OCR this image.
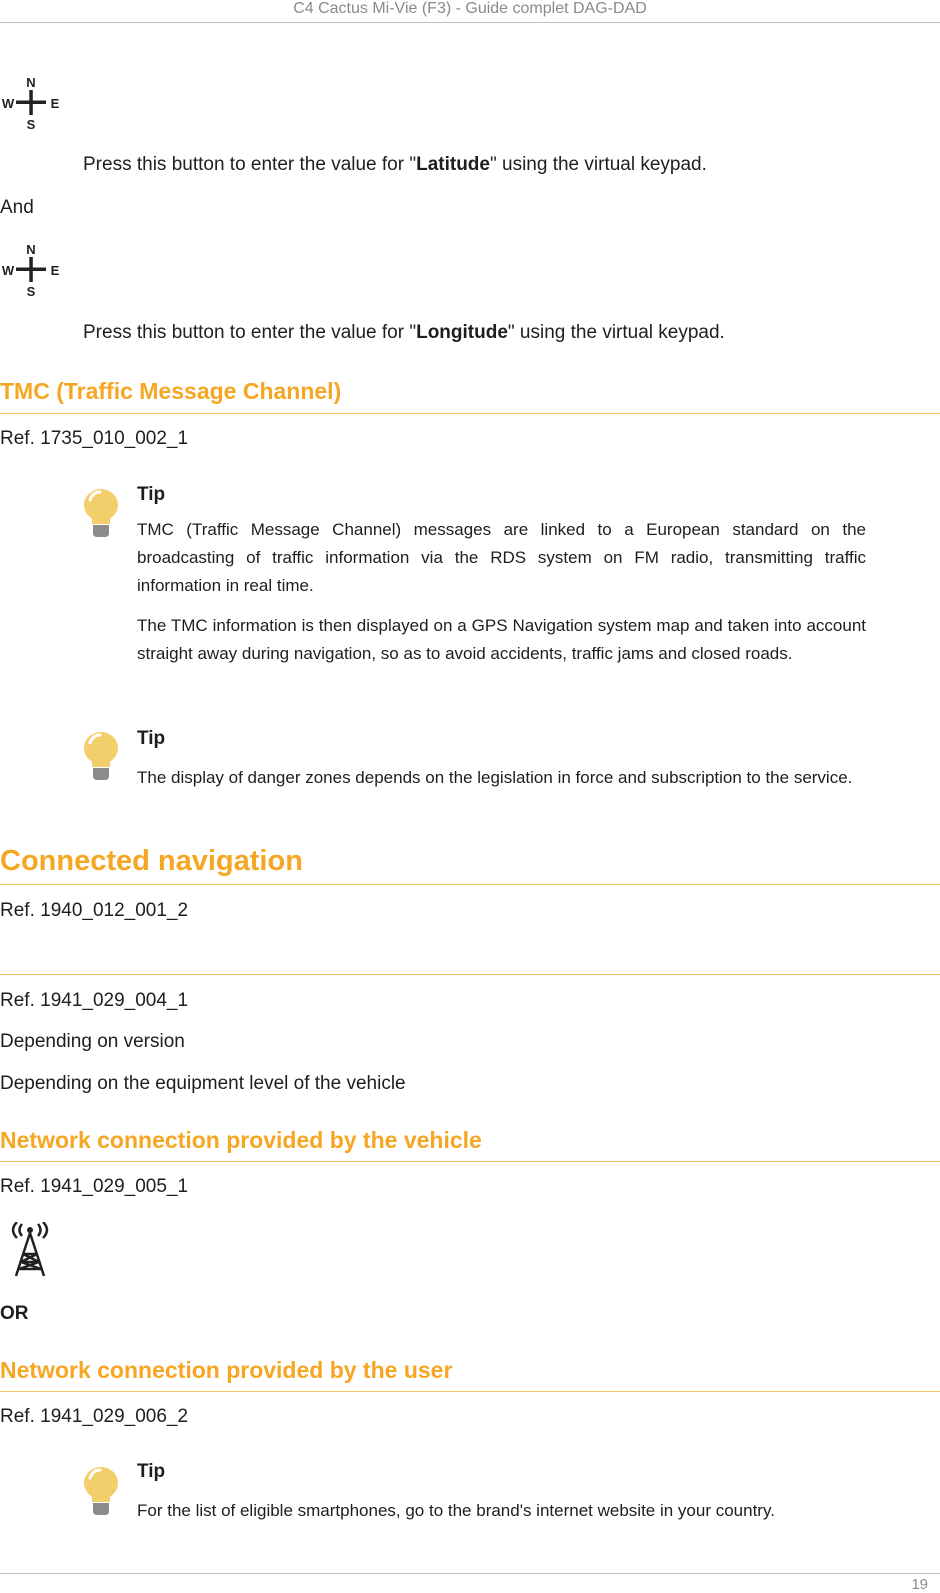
C4 Cactus Mi-Vie (F3) - Guide complet DAG-DAD
N
S
W	E
Press this button to enter the value for "Latitude" using the virtual keypad.
And
N
S
W	E
Press this button to enter the value for "Longitude" using the virtual keypad.
TMC (Traffic Message Channel)
Ref. 1735_010_002_1
Tip
TMC (Traffic Message Channel) messages are linked to a European standard on the broadcasting of traffic information via the RDS system on FM radio, transmitting traffic information in real time.
The TMC information is then displayed on a GPS Navigation system map and taken into account straight away during navigation, so as to avoid accidents, traffic jams and closed roads.
Tip
The display of danger zones depends on the legislation in force and subscription to the service.
Connected navigation
Ref. 1940_012_001_2
Ref. 1941_029_004_1
Depending on version
Depending on the equipment level of the vehicle
Network connection provided by the vehicle
Ref. 1941_029_005_1
OR
Network connection provided by the user
Ref. 1941_029_006_2
Tip
For the list of eligible smartphones, go to the brand's internet website in your country.
19
